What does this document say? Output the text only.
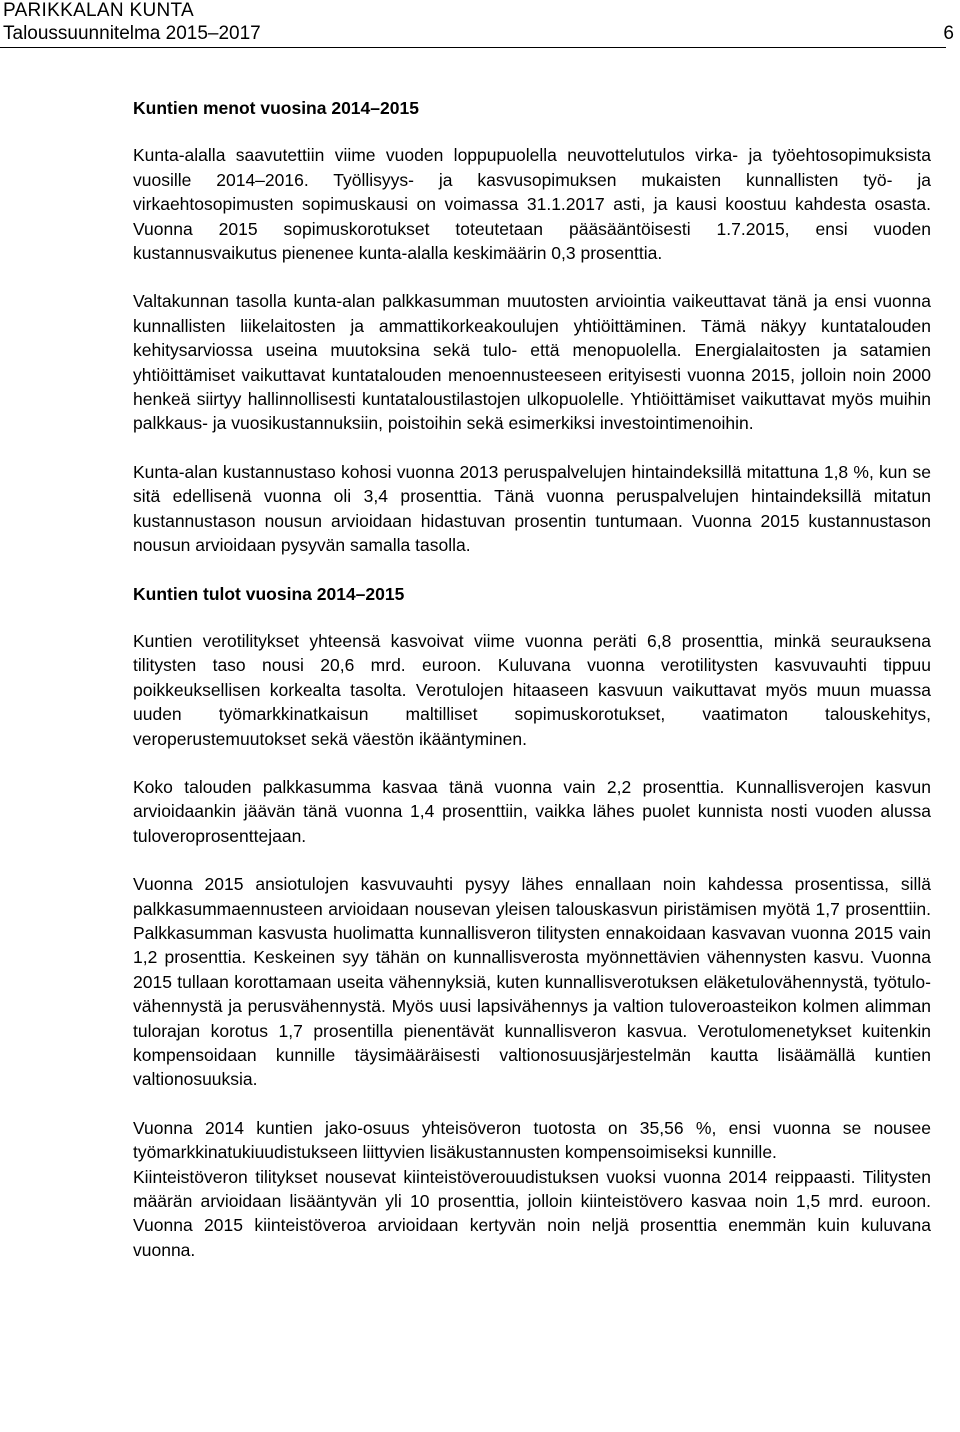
PARIKKALAN KUNTA
Taloussuunnitelma 2015–2017	6
Kuntien menot vuosina 2014–2015

Kunta-alalla saavutettiin viime vuoden loppupuolella neuvottelutulos virka- ja työehtosopimuksista vuosille 2014–2016. Työllisyys- ja kasvusopimuksen mukaisten kunnallisten työ- ja virkaehtosopimusten sopimuskausi on voimassa 31.1.2017 asti, ja kausi koostuu kahdesta osasta. Vuonna 2015 sopimuskorotukset toteutetaan pääsääntöisesti 1.7.2015, ensi vuoden kustannusvaikutus pienenee kunta-alalla keskimäärin 0,3 prosenttia.

Valtakunnan tasolla kunta-alan palkkasumman muutosten arviointia vaikeuttavat tänä ja ensi vuonna kunnallisten liikelaitosten ja ammattikorkeakoulujen yhtiöittäminen. Tämä näkyy kuntatalouden kehitysarviossa useina muutoksina sekä tulo- että menopuolella. Energialaitosten ja satamien yhtiöittämiset vaikuttavat kuntatalouden menoennusteeseen erityisesti vuonna 2015, jolloin noin 2000 henkeä siirtyy hallinnollisesti kuntataloustilastojen ulkopuolelle. Yhtiöittämiset vaikuttavat myös muihin palkkaus- ja vuosikustannuksiin, poistoihin sekä esimerkiksi investointimenoihin.

Kunta-alan kustannustaso kohosi vuonna 2013 peruspalvelujen hintaindeksillä mitattuna 1,8 %, kun se sitä edellisenä vuonna oli 3,4 prosenttia. Tänä vuonna peruspalvelujen hintaindeksillä mitatun kustannustason nousun arvioidaan hidastuvan prosentin tuntumaan. Vuonna 2015 kustannustason nousun arvioidaan pysyvän samalla tasolla.

Kuntien tulot vuosina 2014–2015

Kuntien verotilitykset yhteensä kasvoivat viime vuonna peräti 6,8 prosenttia, minkä seurauksena tilitysten taso nousi 20,6 mrd. euroon. Kuluvana vuonna verotilitysten kasvuvauhti tippuu poikkeuksellisen korkealta tasolta. Verotulojen hitaaseen kasvuun vaikuttavat myös muun muassa uuden työmarkkinatkaisun maltilliset sopimuskorotukset, vaatimaton talouskehitys, veroperustemuutokset sekä väestön ikääntyminen.

Koko talouden palkkasumma kasvaa tänä vuonna vain 2,2 prosenttia. Kunnallisverojen kasvun arvioidaankin jäävän tänä vuonna 1,4 prosenttiin, vaikka lähes puolet kunnista nosti vuoden alussa tuloveroprosenttejaan.

Vuonna 2015 ansiotulojen kasvuvauhti pysyy lähes ennallaan noin kahdessa prosentissa, sillä palkkasummaennusteen arvioidaan nousevan yleisen talouskasvun piristämisen myötä 1,7 prosenttiin. Palkkasumman kasvusta huolimatta kunnallisveron tilitysten ennakoidaan kasvavan vuonna 2015 vain 1,2 prosenttia. Keskeinen syy tähän on kunnallisverosta myönnettävien vähennysten kasvu. Vuonna 2015 tullaan korottamaan useita vähennyksiä, kuten kunnallisverotuksen eläketulovähennystä, työtulovähennystä ja perusvähennystä. Myös uusi lapsivähennys ja valtion tuloveroasteikon kolmen alimman tulorajan korotus 1,7 prosentilla pienentävät kunnallisveron kasvua. Verotulomenetykset kuitenkin kompensoidaan kunnille täysimääräisesti valtionosuusjärjestelmän kautta lisäämällä kuntien valtionosuuksia.

Vuonna 2014 kuntien jako-osuus yhteisöveron tuotosta on 35,56 %, ensi vuonna se nousee työmarkkinatukiuudistukseen liittyvien lisäkustannusten kompensoimiseksi kunnille.

Kiinteistöveron tilitykset nousevat kiinteistöverouudistuksen vuoksi vuonna 2014 reippaasti. Tilitysten määrän arvioidaan lisääntyvän yli 10 prosenttia, jolloin kiinteistövero kasvaa noin 1,5 mrd. euroon. Vuonna 2015 kiinteistöveroa arvioidaan kertyvän noin neljä prosenttia enemmän kuin kuluvana vuonna.
